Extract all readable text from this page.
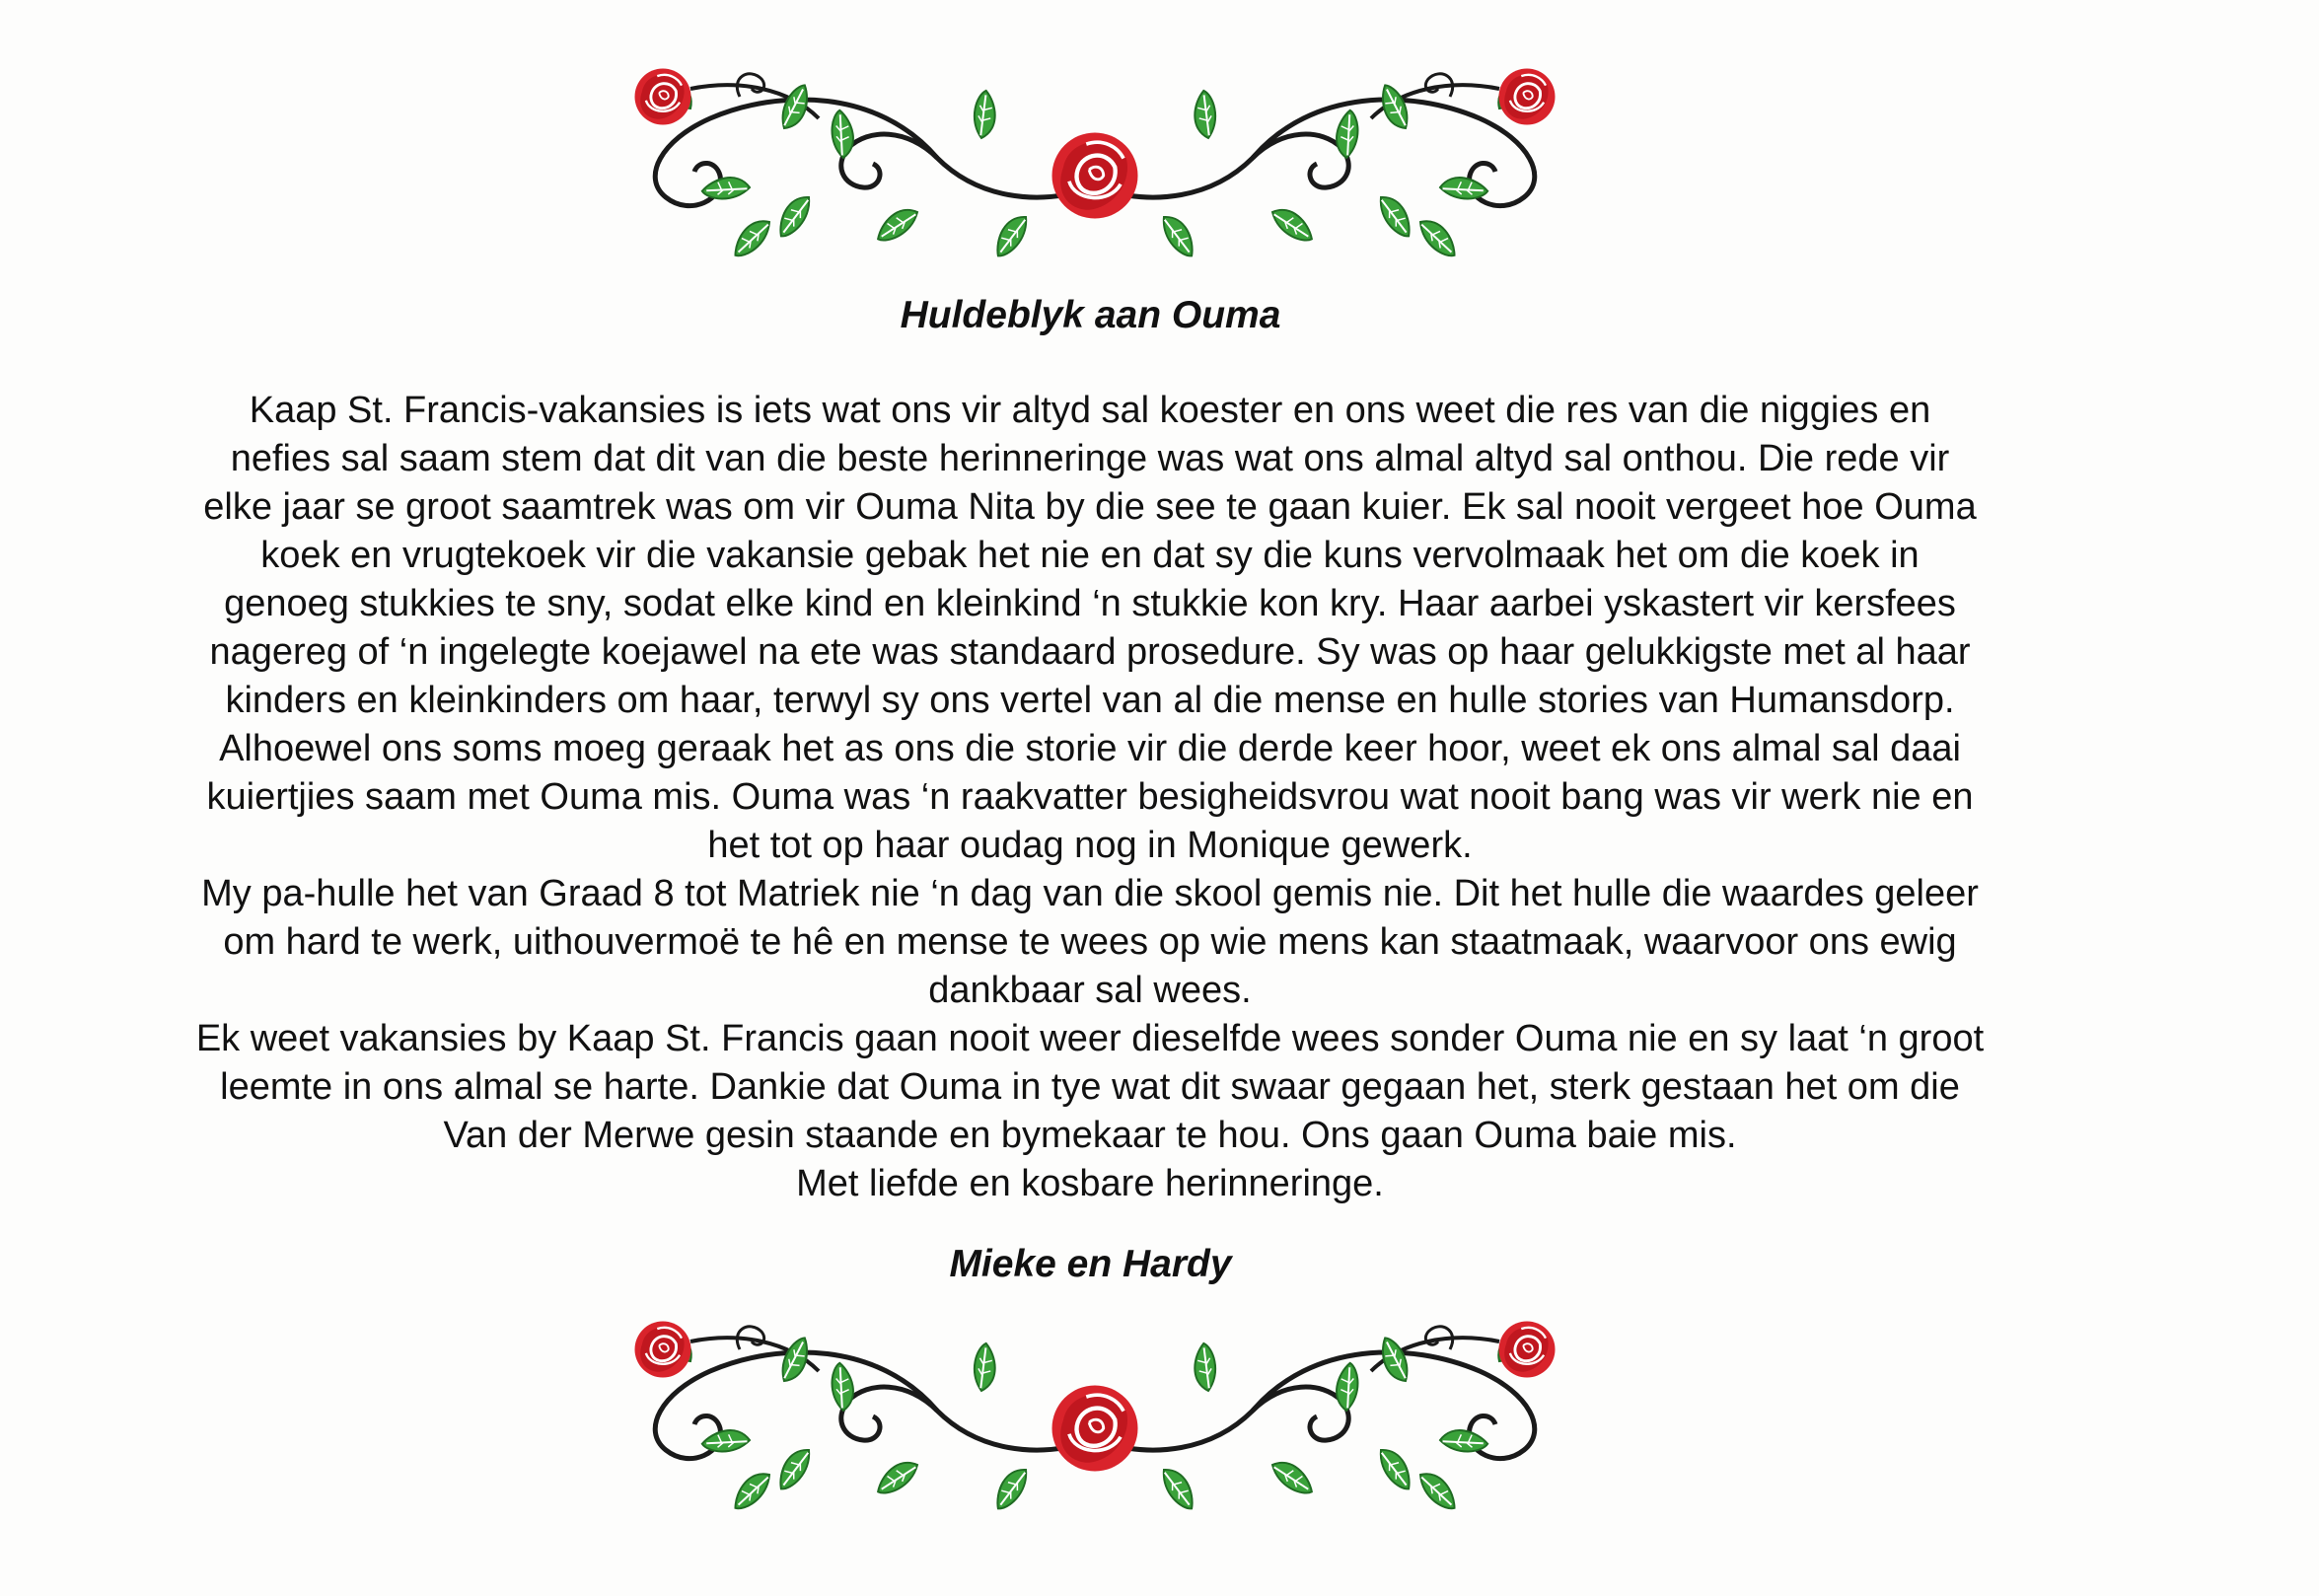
Huldeblyk aan Ouma
Kaap St. Francis-vakansies is iets wat ons vir altyd sal koester en ons weet die res van die niggies en
nefies sal saam stem dat dit van die beste herinneringe was wat ons almal altyd sal onthou. Die rede vir
elke jaar se groot saamtrek was om vir Ouma Nita by die see te gaan kuier. Ek sal nooit vergeet hoe Ouma
koek en vrugtekoek vir die vakansie gebak het nie en dat sy die kuns vervolmaak het om die koek in
genoeg stukkies te sny, sodat elke kind en kleinkind ‘n stukkie kon kry. Haar aarbei yskastert vir kersfees
nagereg of ‘n ingelegte koejawel na ete was standaard prosedure. Sy was op haar gelukkigste met al haar
kinders en kleinkinders om haar, terwyl sy ons vertel van al die mense en hulle stories van Humansdorp.
Alhoewel ons soms moeg geraak het as ons die storie vir die derde keer hoor, weet ek ons almal sal daai
kuiertjies saam met Ouma mis. Ouma was ‘n raakvatter besigheidsvrou wat nooit bang was vir werk nie en
het tot op haar oudag nog in Monique gewerk.
My pa-hulle het van Graad 8 tot Matriek nie ‘n dag van die skool gemis nie. Dit het hulle die waardes geleer
om hard te werk, uithouvermoë te hê en mense te wees op wie mens kan staatmaak, waarvoor ons ewig
dankbaar sal wees.
Ek weet vakansies by Kaap St. Francis gaan nooit weer dieselfde wees sonder Ouma nie en sy laat ‘n groot
leemte in ons almal se harte. Dankie dat Ouma in tye wat dit swaar gegaan het, sterk gestaan het om die
Van der Merwe gesin staande en bymekaar te hou. Ons gaan Ouma baie mis.
Met liefde en kosbare herinneringe.

Mieke en Hardy
